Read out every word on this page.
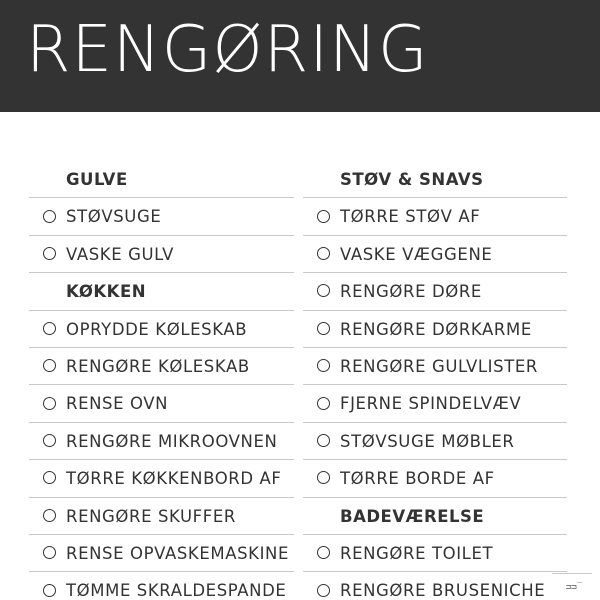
RENGØRING
GULVE
STØVSUGE
VASKE GULV
KØKKEN
OPRYDDE KØLESKAB
RENGØRE KØLESKAB
RENSE OVN
RENGØRE MIKROOVNEN
TØRRE KØKKENBORD AF
RENGØRE SKUFFER
RENSE OPVASKEMASKINE
TØMME SKRALDESPANDE
STØV & SNAVS
TØRRE STØV AF
VASKE VÆGGENE
RENGØRE DØRE
RENGØRE DØRKARME
RENGØRE GULVLISTER
FJERNE SPINDELVÆV
STØVSUGE MØBLER
TØRRE BORDE AF
BADEVÆRELSE
RENGØRE TOILET
RENGØRE BRUSENICHE ᴝᴝ‾
